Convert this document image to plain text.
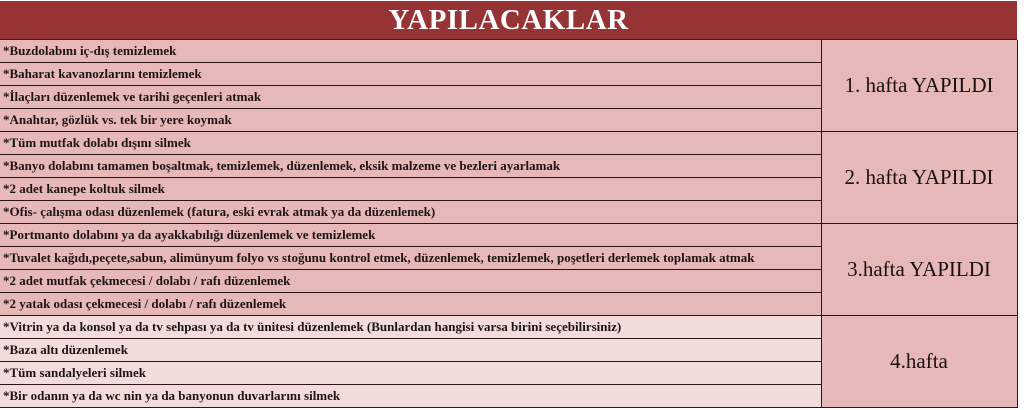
YAPILACAKLAR
*Buzdolabını iç-dış temizlemek	1. hafta YAPILDI
*Baharat kavanozlarını temizlemek	
*İlaçları düzenlemek ve tarihi geçenleri atmak	
*Anahtar, gözlük vs. tek bir yere koymak	
*Tüm mutfak dolabı dışını silmek	2. hafta YAPILDI
*Banyo dolabını tamamen boşaltmak, temizlemek, düzenlemek, eksik malzeme ve bezleri ayarlamak	
*2 adet kanepe koltuk silmek	
*Ofis- çalışma odası düzenlemek (fatura, eski evrak atmak ya da düzenlemek)	
*Portmanto dolabını ya da ayakkabılığı düzenlemek ve temizlemek	3.hafta YAPILDI
*Tuvalet kağıdı,peçete,sabun, alimünyum folyo vs stoğunu kontrol etmek, düzenlemek, temizlemek, poşetleri derlemek toplamak atmak	
*2 adet mutfak çekmecesi / dolabı / rafı düzenlemek	
*2 yatak odası çekmecesi / dolabı / rafı düzenlemek	
*Vitrin ya da konsol ya da tv sehpası ya da tv ünitesi düzenlemek (Bunlardan hangisi varsa birini seçebilirsiniz)	4.hafta
*Baza altı düzenlemek	
*Tüm sandalyeleri silmek	
*Bir odanın ya da wc nin ya da banyonun duvarlarını silmek	
